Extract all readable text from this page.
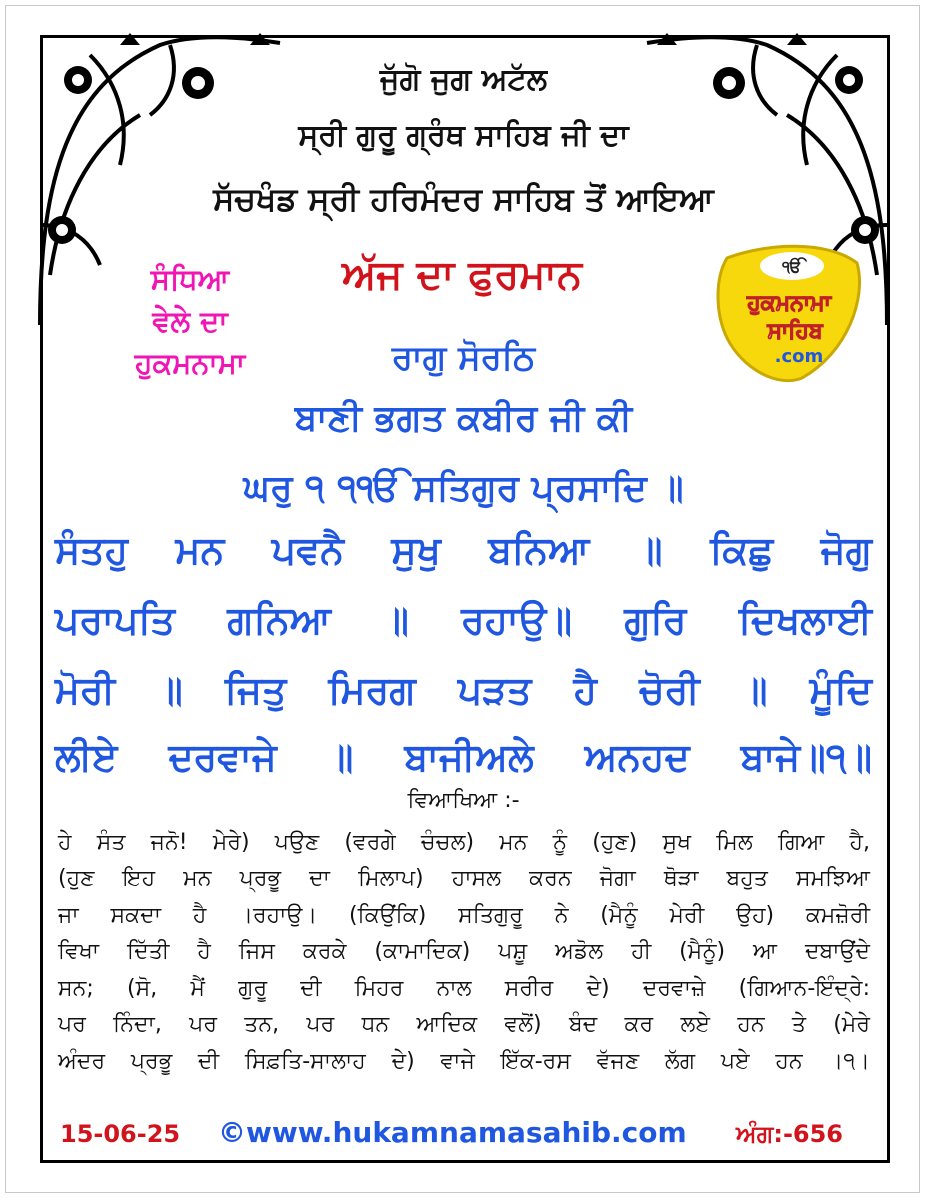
ਜੁੱਗੋ ਜੁਗ ਅਟੱਲ
ਸ੍ਰੀ ਗੁਰੂ ਗ੍ਰੰਥ ਸਾਹਿਬ ਜੀ ਦਾ
ਸੱਚਖੰਡ ਸ੍ਰੀ ਹਰਿਮੰਦਰ ਸਾਹਿਬ ਤੋਂ ਆਇਆ
ਸੰਧਿਆ
ਵੇਲੇ ਦਾ
ਹੁਕਮਨਾਮਾ
ਅੱਜ ਦਾ ਫੁਰਮਾਨ	ੴ
ਹੁਕਮਨਾਮਾ
ਸਾਹਿਬ
.com
ਰਾਗੁ ਸੋਰਠਿ
ਬਾਣੀ ਭਗਤ ਕਬੀਰ ਜੀ ਕੀ
ਘਰੁ ੧ ੧ੴ ਸਤਿਗੁਰ ਪ੍ਰਸਾਦਿ ॥
ਸੰਤਹੁ ਮਨ ਪਵਨੈ ਸੁਖੁ ਬਨਿਆ ॥ ਕਿਛੁ ਜੋਗੁ
ਪਰਾਪਤਿ ਗਨਿਆ ॥ ਰਹਾਉ॥ ਗੁਰਿ ਦਿਖਲਾਈ
ਮੋਰੀ ॥ ਜਿਤੁ ਮਿਰਗ ਪੜਤ ਹੈ ਚੋਰੀ ॥ ਮੂੰਦਿ
ਲੀਏ ਦਰਵਾਜੇ ॥ ਬਾਜੀਅਲੇ ਅਨਹਦ ਬਾਜੇ॥੧॥
ਵਿਆਖਿਆ :-
ਹੇ ਸੰਤ ਜਨੋ! ਮੇਰੇ) ਪਉਣ (ਵਰਗੇ ਚੰਚਲ) ਮਨ ਨੂੰ (ਹੁਣ) ਸੁਖ ਮਿਲ ਗਿਆ ਹੈ,
(ਹੁਣ ਇਹ ਮਨ ਪ੍ਰਭੂ ਦਾ ਮਿਲਾਪ) ਹਾਸਲ ਕਰਨ ਜੋਗਾ ਥੋੜਾ ਬਹੁਤ ਸਮਝਿਆ
ਜਾ ਸਕਦਾ ਹੈ ।ਰਹਾਉ। (ਕਿਉਂਕਿ) ਸਤਿਗੁਰੂ ਨੇ (ਮੈਨੂੰ ਮੇਰੀ ਉਹ) ਕਮਜ਼ੋਰੀ
ਵਿਖਾ ਦਿੱਤੀ ਹੈ ਜਿਸ ਕਰਕੇ (ਕਾਮਾਦਿਕ) ਪਸ਼ੂ ਅਡੋਲ ਹੀ (ਮੈਨੂੰ) ਆ ਦਬਾਉਂਦੇ
ਸਨ; (ਸੋ, ਮੈਂ ਗੁਰੂ ਦੀ ਮਿਹਰ ਨਾਲ ਸਰੀਰ ਦੇ) ਦਰਵਾਜ਼ੇ (ਗਿਆਨ-ਇੰਦ੍ਰੇ:
ਪਰ ਨਿੰਦਾ, ਪਰ ਤਨ, ਪਰ ਧਨ ਆਦਿਕ ਵਲੋਂ) ਬੰਦ ਕਰ ਲਏ ਹਨ ਤੇ (ਮੇਰੇ
ਅੰਦਰ ਪ੍ਰਭੂ ਦੀ ਸਿਫ਼ਤਿ-ਸਾਲਾਹ ਦੇ) ਵਾਜੇ ਇੱਕ-ਰਸ ਵੱਜਣ ਲੱਗ ਪਏ ਹਨ ।੧।
15-06-25 ©www.hukamnamasahib.com ਅੰਗ:-656
